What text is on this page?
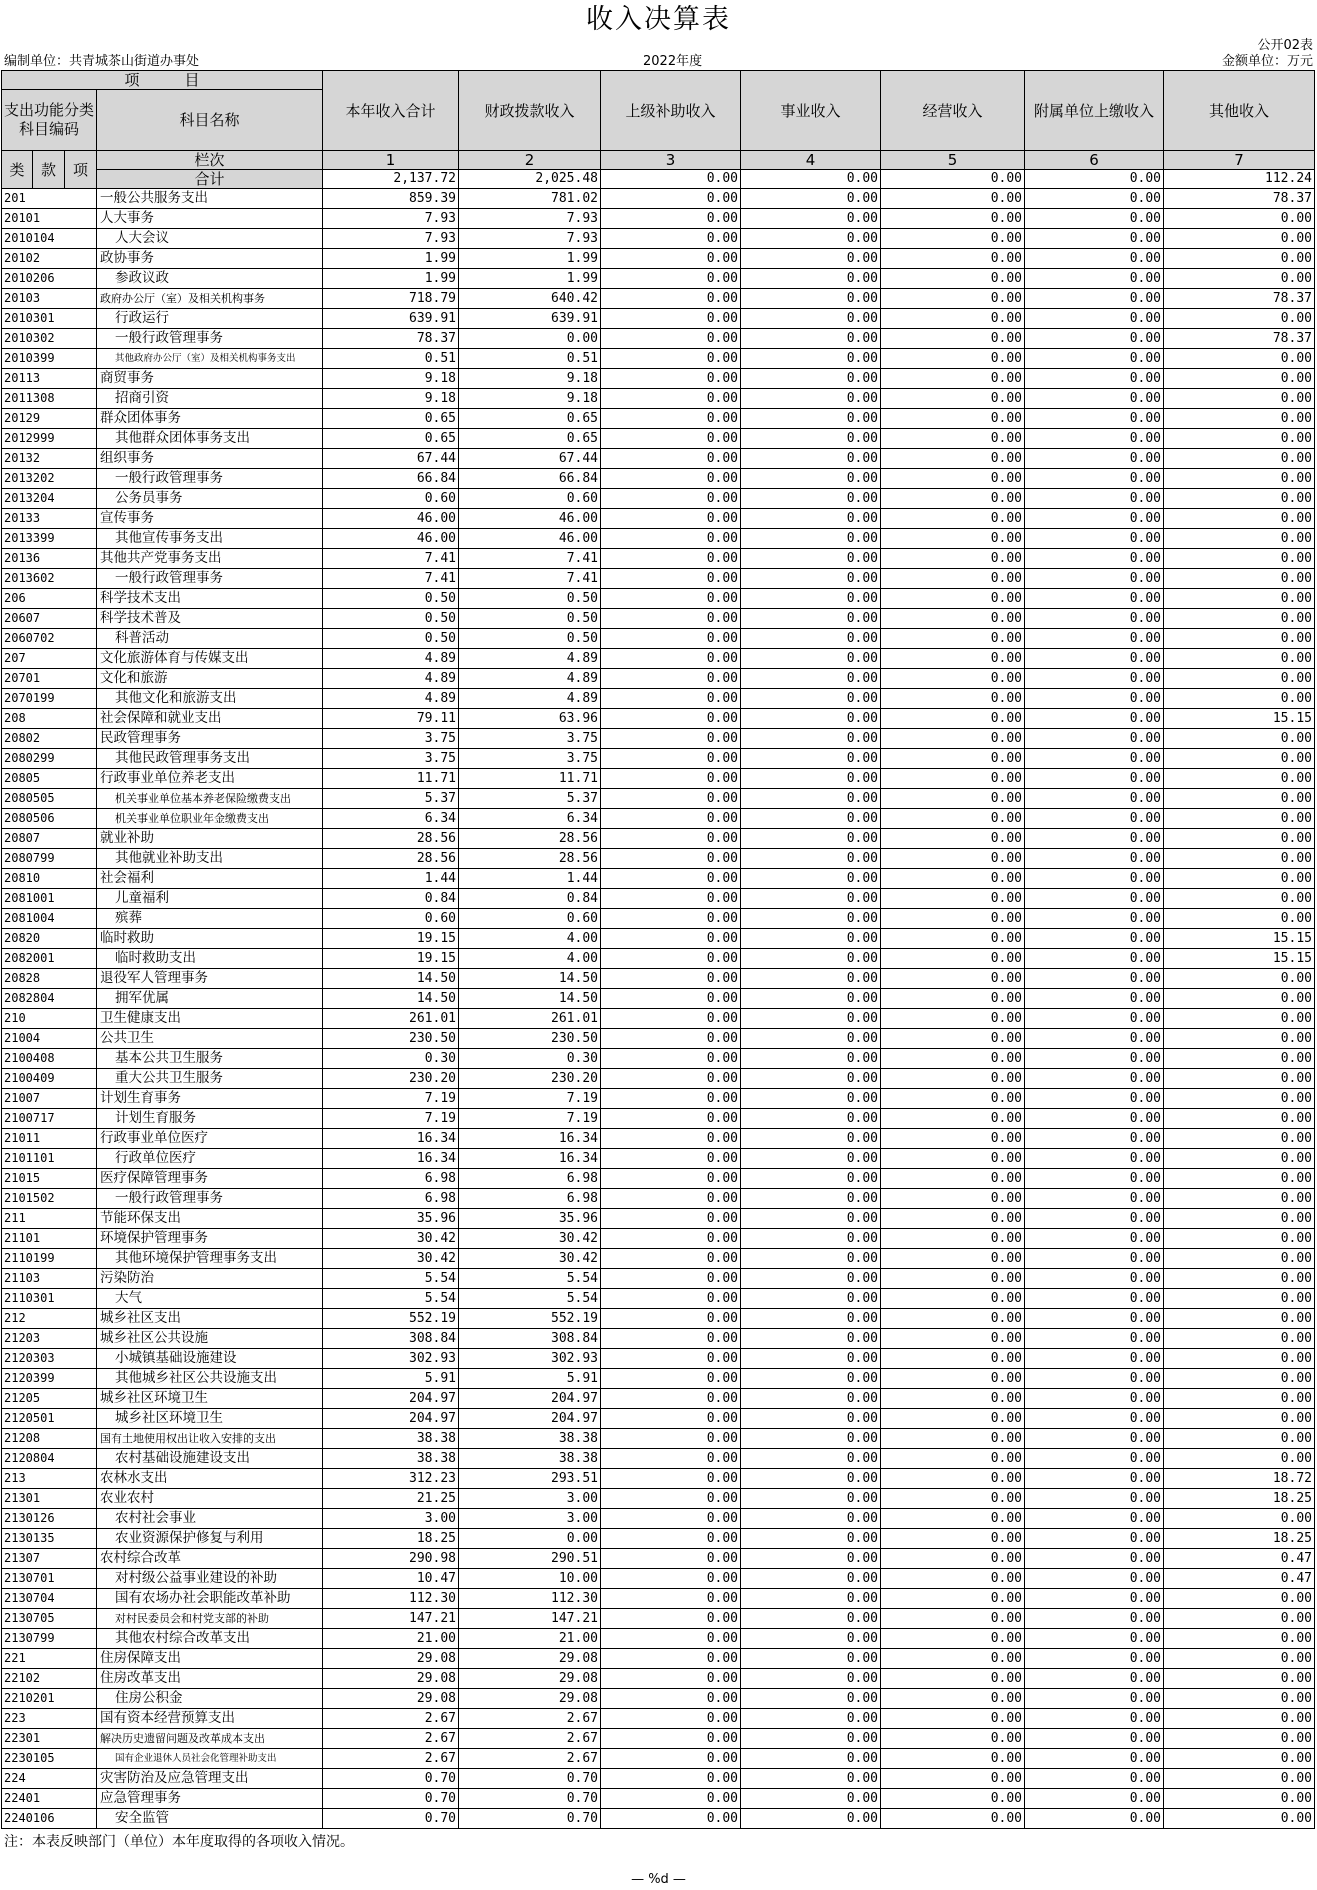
收入决算表
公开02表
编制单位：共青城茶山街道办事处	2022年度	金额单位：万元
项　　　目				本年收入合计	财政拨款收入	上级补助收入	事业收入	经营收入	附属单位上缴收入	其他收入
支出功能分类科目编码			科目名称							
类	款	项	栏次	1	2	3	4	5	6	7
			合计	2,137.72	2,025.48	0.00	0.00	0.00	0.00	112.24
201			一般公共服务支出	859.39	781.02	0.00	0.00	0.00	0.00	78.37
20101			人大事务	7.93	7.93	0.00	0.00	0.00	0.00	0.00
2010104			人大会议	7.93	7.93	0.00	0.00	0.00	0.00	0.00
20102			政协事务	1.99	1.99	0.00	0.00	0.00	0.00	0.00
2010206			参政议政	1.99	1.99	0.00	0.00	0.00	0.00	0.00
20103			政府办公厅（室）及相关机构事务	718.79	640.42	0.00	0.00	0.00	0.00	78.37
2010301			行政运行	639.91	639.91	0.00	0.00	0.00	0.00	0.00
2010302			一般行政管理事务	78.37	0.00	0.00	0.00	0.00	0.00	78.37
2010399			其他政府办公厅（室）及相关机构事务支出	0.51	0.51	0.00	0.00	0.00	0.00	0.00
20113			商贸事务	9.18	9.18	0.00	0.00	0.00	0.00	0.00
2011308			招商引资	9.18	9.18	0.00	0.00	0.00	0.00	0.00
20129			群众团体事务	0.65	0.65	0.00	0.00	0.00	0.00	0.00
2012999			其他群众团体事务支出	0.65	0.65	0.00	0.00	0.00	0.00	0.00
20132			组织事务	67.44	67.44	0.00	0.00	0.00	0.00	0.00
2013202			一般行政管理事务	66.84	66.84	0.00	0.00	0.00	0.00	0.00
2013204			公务员事务	0.60	0.60	0.00	0.00	0.00	0.00	0.00
20133			宣传事务	46.00	46.00	0.00	0.00	0.00	0.00	0.00
2013399			其他宣传事务支出	46.00	46.00	0.00	0.00	0.00	0.00	0.00
20136			其他共产党事务支出	7.41	7.41	0.00	0.00	0.00	0.00	0.00
2013602			一般行政管理事务	7.41	7.41	0.00	0.00	0.00	0.00	0.00
206			科学技术支出	0.50	0.50	0.00	0.00	0.00	0.00	0.00
20607			科学技术普及	0.50	0.50	0.00	0.00	0.00	0.00	0.00
2060702			科普活动	0.50	0.50	0.00	0.00	0.00	0.00	0.00
207			文化旅游体育与传媒支出	4.89	4.89	0.00	0.00	0.00	0.00	0.00
20701			文化和旅游	4.89	4.89	0.00	0.00	0.00	0.00	0.00
2070199			其他文化和旅游支出	4.89	4.89	0.00	0.00	0.00	0.00	0.00
208			社会保障和就业支出	79.11	63.96	0.00	0.00	0.00	0.00	15.15
20802			民政管理事务	3.75	3.75	0.00	0.00	0.00	0.00	0.00
2080299			其他民政管理事务支出	3.75	3.75	0.00	0.00	0.00	0.00	0.00
20805			行政事业单位养老支出	11.71	11.71	0.00	0.00	0.00	0.00	0.00
2080505			机关事业单位基本养老保险缴费支出	5.37	5.37	0.00	0.00	0.00	0.00	0.00
2080506			机关事业单位职业年金缴费支出	6.34	6.34	0.00	0.00	0.00	0.00	0.00
20807			就业补助	28.56	28.56	0.00	0.00	0.00	0.00	0.00
2080799			其他就业补助支出	28.56	28.56	0.00	0.00	0.00	0.00	0.00
20810			社会福利	1.44	1.44	0.00	0.00	0.00	0.00	0.00
2081001			儿童福利	0.84	0.84	0.00	0.00	0.00	0.00	0.00
2081004			殡葬	0.60	0.60	0.00	0.00	0.00	0.00	0.00
20820			临时救助	19.15	4.00	0.00	0.00	0.00	0.00	15.15
2082001			临时救助支出	19.15	4.00	0.00	0.00	0.00	0.00	15.15
20828			退役军人管理事务	14.50	14.50	0.00	0.00	0.00	0.00	0.00
2082804			拥军优属	14.50	14.50	0.00	0.00	0.00	0.00	0.00
210			卫生健康支出	261.01	261.01	0.00	0.00	0.00	0.00	0.00
21004			公共卫生	230.50	230.50	0.00	0.00	0.00	0.00	0.00
2100408			基本公共卫生服务	0.30	0.30	0.00	0.00	0.00	0.00	0.00
2100409			重大公共卫生服务	230.20	230.20	0.00	0.00	0.00	0.00	0.00
21007			计划生育事务	7.19	7.19	0.00	0.00	0.00	0.00	0.00
2100717			计划生育服务	7.19	7.19	0.00	0.00	0.00	0.00	0.00
21011			行政事业单位医疗	16.34	16.34	0.00	0.00	0.00	0.00	0.00
2101101			行政单位医疗	16.34	16.34	0.00	0.00	0.00	0.00	0.00
21015			医疗保障管理事务	6.98	6.98	0.00	0.00	0.00	0.00	0.00
2101502			一般行政管理事务	6.98	6.98	0.00	0.00	0.00	0.00	0.00
211			节能环保支出	35.96	35.96	0.00	0.00	0.00	0.00	0.00
21101			环境保护管理事务	30.42	30.42	0.00	0.00	0.00	0.00	0.00
2110199			其他环境保护管理事务支出	30.42	30.42	0.00	0.00	0.00	0.00	0.00
21103			污染防治	5.54	5.54	0.00	0.00	0.00	0.00	0.00
2110301			大气	5.54	5.54	0.00	0.00	0.00	0.00	0.00
212			城乡社区支出	552.19	552.19	0.00	0.00	0.00	0.00	0.00
21203			城乡社区公共设施	308.84	308.84	0.00	0.00	0.00	0.00	0.00
2120303			小城镇基础设施建设	302.93	302.93	0.00	0.00	0.00	0.00	0.00
2120399			其他城乡社区公共设施支出	5.91	5.91	0.00	0.00	0.00	0.00	0.00
21205			城乡社区环境卫生	204.97	204.97	0.00	0.00	0.00	0.00	0.00
2120501			城乡社区环境卫生	204.97	204.97	0.00	0.00	0.00	0.00	0.00
21208			国有土地使用权出让收入安排的支出	38.38	38.38	0.00	0.00	0.00	0.00	0.00
2120804			农村基础设施建设支出	38.38	38.38	0.00	0.00	0.00	0.00	0.00
213			农林水支出	312.23	293.51	0.00	0.00	0.00	0.00	18.72
21301			农业农村	21.25	3.00	0.00	0.00	0.00	0.00	18.25
2130126			农村社会事业	3.00	3.00	0.00	0.00	0.00	0.00	0.00
2130135			农业资源保护修复与利用	18.25	0.00	0.00	0.00	0.00	0.00	18.25
21307			农村综合改革	290.98	290.51	0.00	0.00	0.00	0.00	0.47
2130701			对村级公益事业建设的补助	10.47	10.00	0.00	0.00	0.00	0.00	0.47
2130704			国有农场办社会职能改革补助	112.30	112.30	0.00	0.00	0.00	0.00	0.00
2130705			对村民委员会和村党支部的补助	147.21	147.21	0.00	0.00	0.00	0.00	0.00
2130799			其他农村综合改革支出	21.00	21.00	0.00	0.00	0.00	0.00	0.00
221			住房保障支出	29.08	29.08	0.00	0.00	0.00	0.00	0.00
22102			住房改革支出	29.08	29.08	0.00	0.00	0.00	0.00	0.00
2210201			住房公积金	29.08	29.08	0.00	0.00	0.00	0.00	0.00
223			国有资本经营预算支出	2.67	2.67	0.00	0.00	0.00	0.00	0.00
22301			解决历史遗留问题及改革成本支出	2.67	2.67	0.00	0.00	0.00	0.00	0.00
2230105			国有企业退休人员社会化管理补助支出	2.67	2.67	0.00	0.00	0.00	0.00	0.00
224			灾害防治及应急管理支出	0.70	0.70	0.00	0.00	0.00	0.00	0.00
22401			应急管理事务	0.70	0.70	0.00	0.00	0.00	0.00	0.00
2240106			安全监管	0.70	0.70	0.00	0.00	0.00	0.00	0.00
注：本表反映部门（单位）本年度取得的各项收入情况。
— %d —
